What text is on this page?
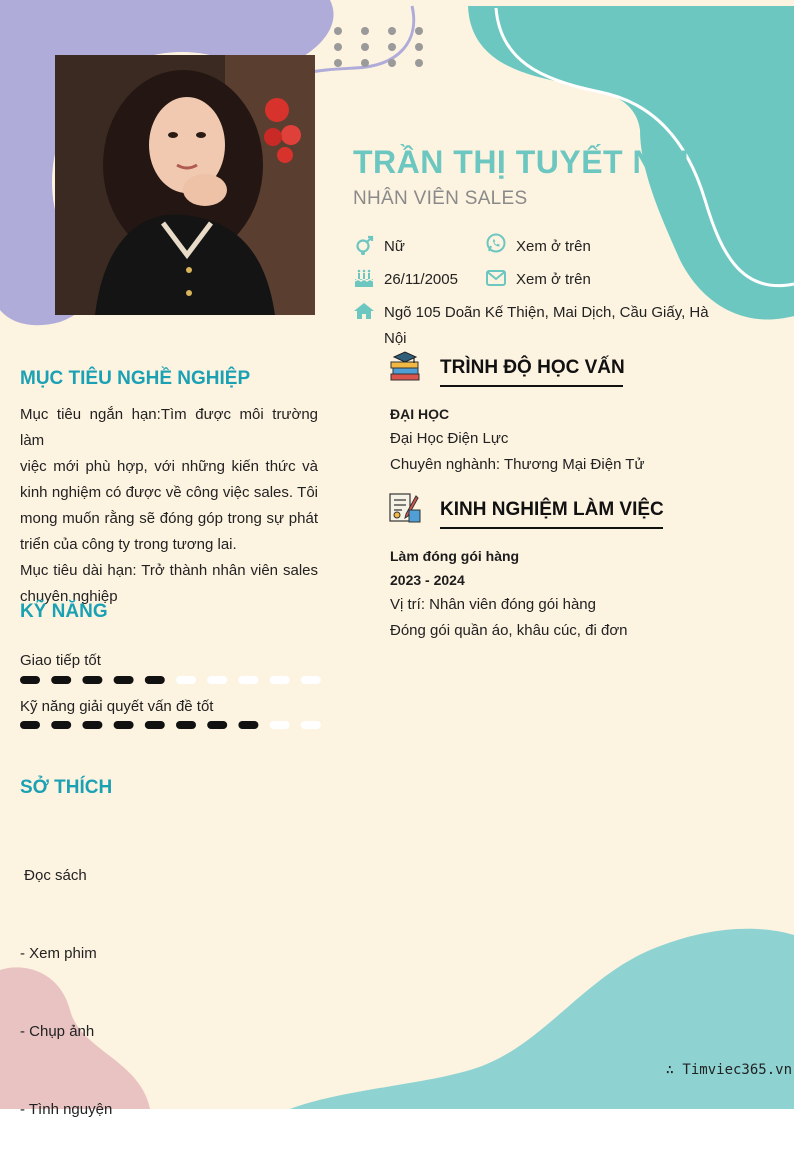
TRẦN THỊ TUYẾT NHI
NHÂN VIÊN SALES
Nữ	Xem ở trên
26/11/2005	Xem ở trên
Ngõ 105 Doãn Kế Thiện, Mai Dịch, Cầu Giấy, Hà
Nội
MỤC TIÊU NGHỀ NGHIỆP
Mục tiêu ngắn hạn:Tìm được môi trường làm
việc mới phù hợp, với những kiến thức và
kinh nghiệm có được về công việc sales. Tôi
mong muốn rằng sẽ đóng góp trong sự phát
triển của công ty trong tương lai.
Mục tiêu dài hạn: Trở thành nhân viên sales
chuyên nghiệp
KỸ NĂNG
Giao tiếp tốt
Kỹ năng giải quyết vấn đề tốt
SỞ THÍCH

Đọc sách

- Xem phim

- Chụp ảnh

- Tình nguyện

TRÌNH ĐỘ HỌC VẤN
ĐẠI HỌC
Đại Học Điện Lực
Chuyên nghành: Thương Mại Điện Tử
KINH NGHIỆM LÀM VIỆC
Làm đóng gói hàng
2023 - 2024
Vị trí: Nhân viên đóng gói hàng
Đóng gói quần áo, khâu cúc, đi đơn
∴ Timviec365.vn
